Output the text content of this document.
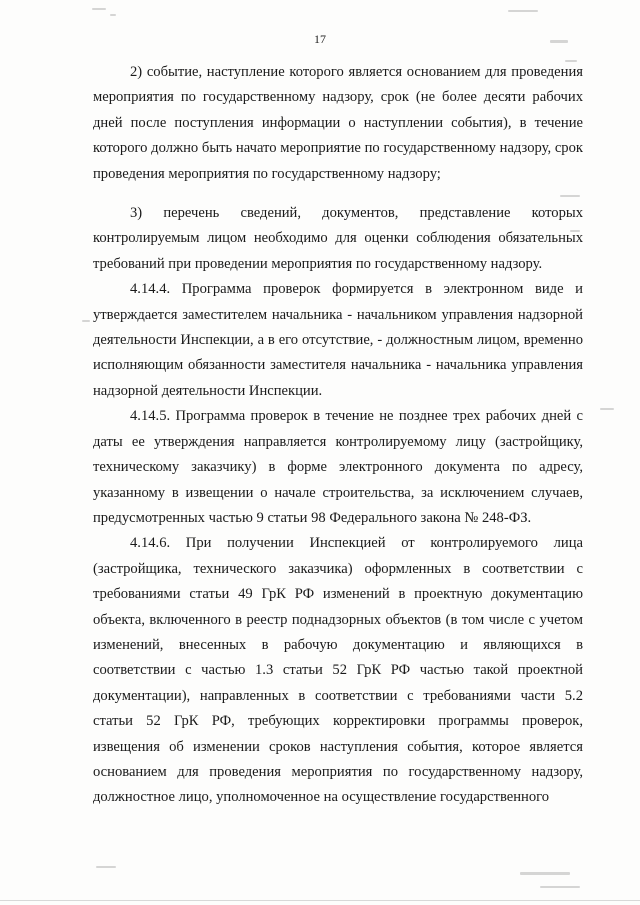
17

2) событие, наступление которого является основанием для проведения мероприятия по государственному надзору, срок (не более десяти рабочих дней после поступления информации о наступлении события), в течение которого должно быть начато мероприятие по государственному надзору, срок проведения мероприятия по государственному надзору;

3) перечень сведений, документов, представление которых контролируемым лицом необходимо для оценки соблюдения обязательных требований при проведении мероприятия по государственному надзору.

4.14.4. Программа проверок формируется в электронном виде и утверждается заместителем начальника - начальником управления надзорной деятельности Инспекции, а в его отсутствие, - должностным лицом, временно исполняющим обязанности заместителя начальника - начальника управления надзорной деятельности Инспекции.

4.14.5. Программа проверок в течение не позднее трех рабочих дней с даты ее утверждения направляется контролируемому лицу (застройщику, техническому заказчику) в форме электронного документа по адресу, указанному в извещении о начале строительства, за исключением случаев, предусмотренных частью 9 статьи 98 Федерального закона № 248-ФЗ.

4.14.6. При получении Инспекцией от контролируемого лица (застройщика, технического заказчика) оформленных в соответствии с требованиями статьи 49 ГрК РФ изменений в проектную документацию объекта, включенного в реестр поднадзорных объектов (в том числе с учетом изменений, внесенных в рабочую документацию и являющихся в соответствии с частью 1.3 статьи 52 ГрК РФ частью такой проектной документации), направленных в соответствии с требованиями части 5.2 статьи 52 ГрК РФ, требующих корректировки программы проверок, извещения об изменении сроков наступления события, которое является основанием для проведения мероприятия по государственному надзору, должностное лицо, уполномоченное на осуществление государственного
